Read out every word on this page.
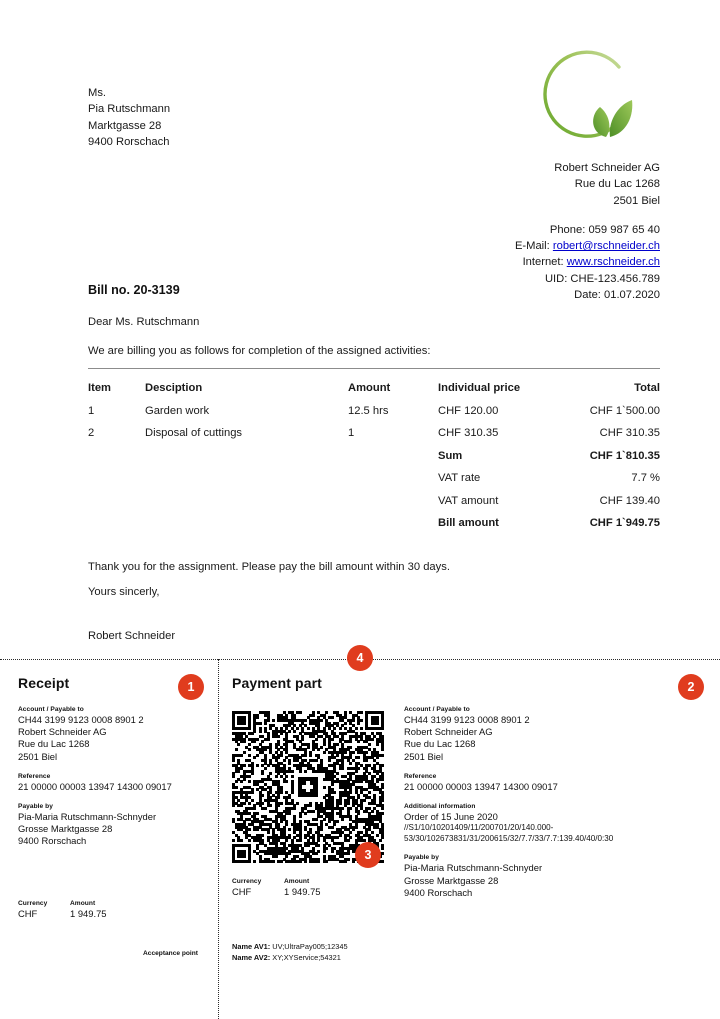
Ms.
Pia Rutschmann
Marktgasse 28
9400 Rorschach
Robert Schneider AG
Rue du Lac 1268
2501 Biel
Phone: 059 987 65 40
E-Mail: robert@rschneider.ch
Internet: www.rschneider.ch
UID: CHE-123.456.789
Date: 01.07.2020
Bill no. 20-3139
Dear Ms. Rutschmann
We are billing you as follows for completion of the assigned activities:
Item	Desciption	Amount	Individual price	Total
1	Garden work	12.5 hrs	CHF 120.00	CHF 1`500.00
2	Disposal of cuttings	1	CHF 310.35	CHF 310.35
Sum	CHF 1`810.35
VAT rate	7.7 %
VAT amount	CHF 139.40
Bill amount	CHF 1`949.75
Thank you for the assignment. Please pay the bill amount within 30 days.
Yours sincerly,
Robert Schneider
Receipt
Account / Payable to
CH44 3199 9123 0008 8901 2
Robert Schneider AG
Rue du Lac 1268
2501 Biel
Reference
21 00000 00003 13947 14300 09017
Payable by
Pia-Maria Rutschmann-Schnyder
Grosse Marktgasse 28
9400 Rorschach
Currency
CHF
Amount
1 949.75
Acceptance point
Payment part
Currency
CHF
Amount
1 949.75
Name AV1: UV;UltraPay005;12345
Name AV2: XY;XYService;54321
Account / Payable to
CH44 3199 9123 0008 8901 2
Robert Schneider AG
Rue du Lac 1268
2501 Biel
Reference
21 00000 00003 13947 14300 09017
Additional information
Order of 15 June 2020
//S1/10/10201409/11/200701/20/140.000-
53/30/102673831/31/200615/32/7.7/33/7.7:139.40/40/0:30
Payable by
Pia-Maria Rutschmann-Schnyder
Grosse Marktgasse 28
9400 Rorschach
1	2
3
4
